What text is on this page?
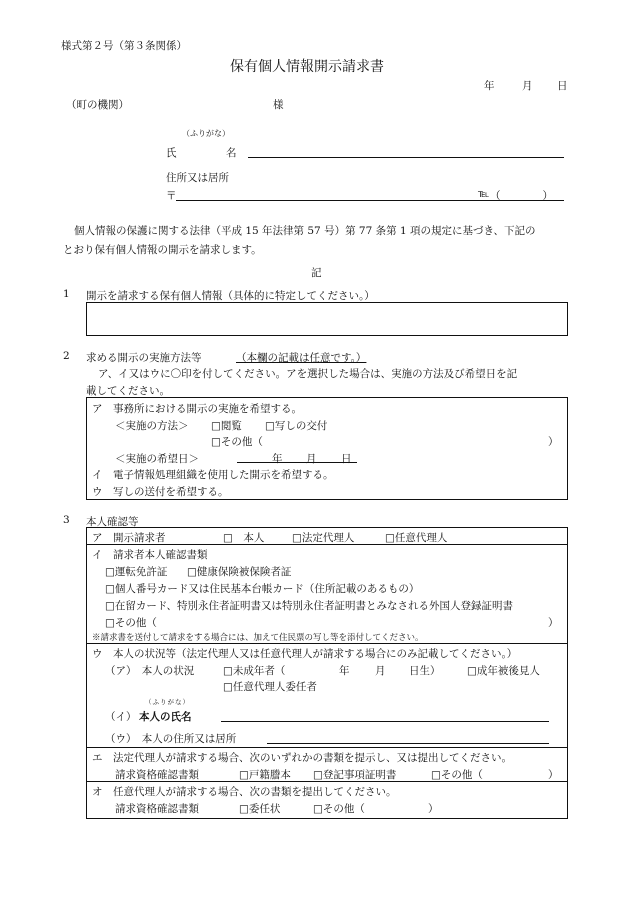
様式第２号（第３条関係）
保有個人情報開示請求書
年	月 日
（町の機関）	様
（ふりがな）
氏	名
住所又は居所
〒	℡ （　　　　）
個人情報の保護に関する法律（平成 15 年法律第 57 号）第 77 条第 1 項の規定に基づき、下記の
とおり保有個人情報の開示を請求します。
記
1 開示を請求する保有個人情報（具体的に特定してください。）
2 求める開示の実施方法等	（本欄の記載は任意です。）
ア、イ又はウに〇印を付してください。アを選択した場合は、実施の方法及び希望日を記
載してください。
ア　事務所における開示の実施を希望する。
＜実施の方法＞ □閲覧 □写しの交付
□その他（	）
＜実施の希望日＞	年 月 日
イ　電子情報処理組織を使用した開示を希望する。
ウ　写しの送付を希望する。
3 本人確認等
ア　開示請求者	□　本人	□法定代理人	□任意代理人
イ　請求者本人確認書類
□運転免許証 □健康保険被保険者証
□個人番号カード又は住民基本台帳カード（住所記載のあるもの）
□在留カード、特別永住者証明書又は特別永住者証明書とみなされる外国人登録証明書
□その他（	）
※請求書を送付して請求をする場合には、加えて住民票の写し等を添付してください。
ウ　本人の状況等（法定代理人又は任意代理人が請求する場合にのみ記載してください。）
（ア）　本人の状況	□未成年者（	年 月 日生）	□成年被後見人
□任意代理人委任者
（ふりがな）
（イ） 本人の氏名
（ウ）　本人の住所又は居所
エ　法定代理人が請求する場合、次のいずれかの書類を提示し、又は提出してください。
請求資格確認書類	□戸籍謄本 □登記事項証明書	□その他（	）
オ　任意代理人が請求する場合、次の書類を提出してください。
請求資格確認書類	□委任状	□その他（	）
